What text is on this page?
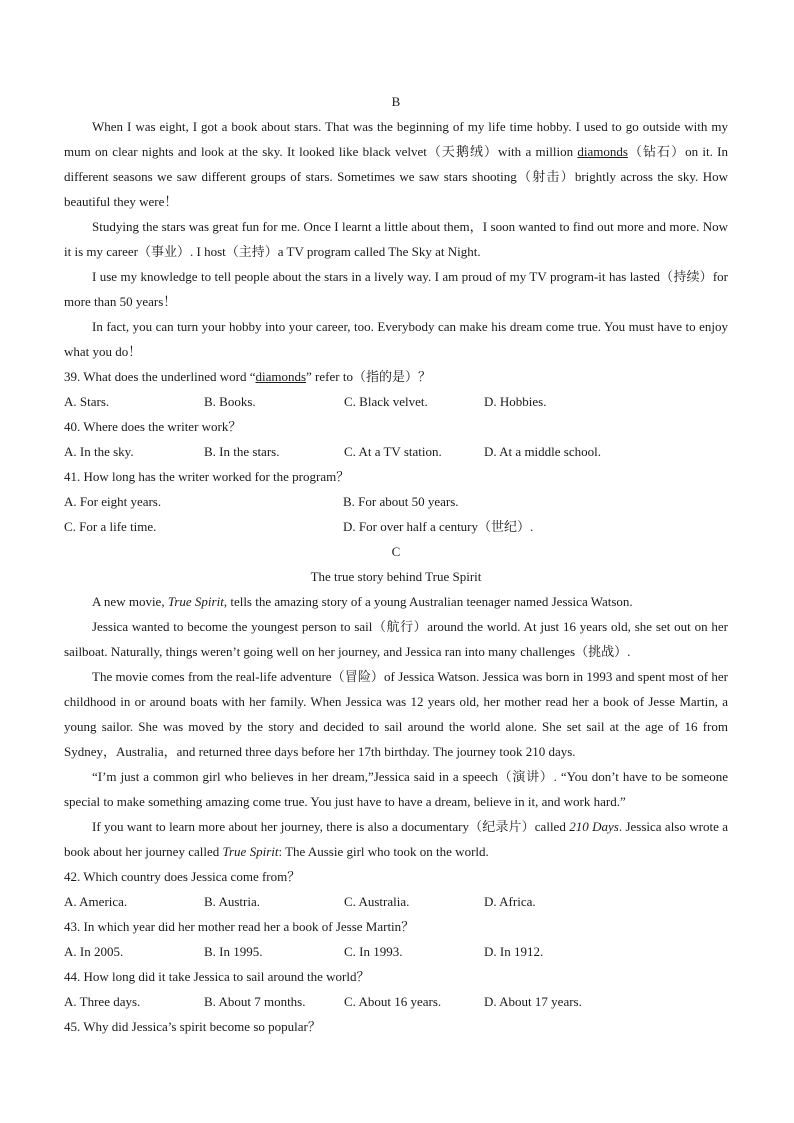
B

When I was eight, I got a book about stars. That was the beginning of my life time hobby. I used to go outside with my mum on clear nights and look at the sky. It looked like black velvet（天鹅绒）with a million diamonds（钻石）on it. In different seasons we saw different groups of stars. Sometimes we saw stars shooting（射击）brightly across the sky. How beautiful they were！

Studying the stars was great fun for me. Once I learnt a little about them，I soon wanted to find out more and more. Now it is my career（事业）. I host（主持）a TV program called The Sky at Night.

I use my knowledge to tell people about the stars in a lively way. I am proud of my TV program-it has lasted（持续）for more than 50 years！

In fact, you can turn your hobby into your career, too. Everybody can make his dream come true. You must have to enjoy what you do！

39. What does the underlined word “diamonds” refer to（指的是）？
A. Stars.	B. Books.	C. Black velvet.	D. Hobbies.
40. Where does the writer work？
A. In the sky.	B. In the stars.	C. At a TV station.	D. At a middle school.
41. How long has the writer worked for the program？
A. For eight years.	B. For about 50 years.
C. For a life time.	D. For over half a century（世纪）.
C
The true story behind True Spirit

A new movie, True Spirit, tells the amazing story of a young Australian teenager named Jessica Watson.

Jessica wanted to become the youngest person to sail（航行）around the world. At just 16 years old, she set out on her sailboat. Naturally, things weren’t going well on her journey, and Jessica ran into many challenges（挑战）.

The movie comes from the real-life adventure（冒险）of Jessica Watson. Jessica was born in 1993 and spent most of her childhood in or around boats with her family. When Jessica was 12 years old, her mother read her a book of Jesse Martin, a young sailor. She was moved by the story and decided to sail around the world alone. She set sail at the age of 16 from Sydney，Australia，and returned three days before her 17th birthday. The journey took 210 days.

“I’m just a common girl who believes in her dream,”Jessica said in a speech（演讲）. “You don’t have to be someone special to make something amazing come true. You just have to have a dream, believe in it, and work hard.”

If you want to learn more about her journey, there is also a documentary（纪录片）called 210 Days. Jessica also wrote a book about her journey called True Spirit: The Aussie girl who took on the world.

42. Which country does Jessica come from？
A. America.	B. Austria.	C. Australia.	D. Africa.
43. In which year did her mother read her a book of Jesse Martin？
A. In 2005.	B. In 1995.	C. In 1993.	D. In 1912.
44. How long did it take Jessica to sail around the world？
A. Three days.	B. About 7 months.	C. About 16 years.	D. About 17 years.
45. Why did Jessica’s spirit become so popular？
